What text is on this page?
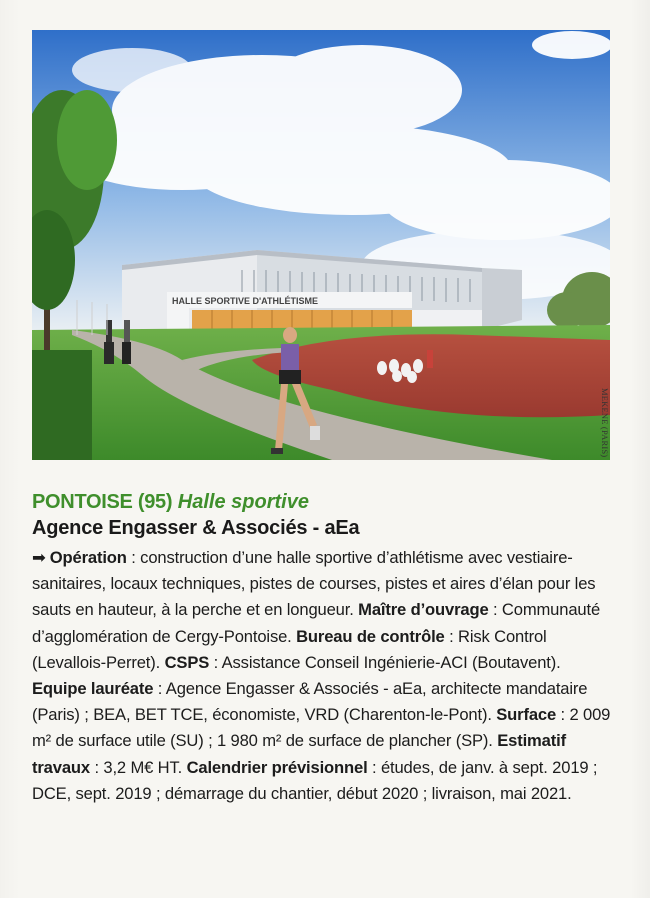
HALLE SPORTIVE D'ATHLÉTISME
MEKENE (PARIS)

PONTOISE (95) Halle sportive

Agence Engasser & Associés - aEa

➡ Opération : construction d’une halle sportive d’athlétisme avec vestiaire-sanitaires, locaux techniques, pistes de courses, pistes et aires d’élan pour les sauts en hauteur, à la perche et en longueur. Maître d’ouvrage : Communauté d’agglomération de Cergy-Pontoise. Bureau de contrôle : Risk Control (Levallois-Perret). CSPS : Assistance Conseil Ingénierie-ACI (Boutavent). Equipe lauréate : Agence Engasser & Associés - aEa, architecte mandataire (Paris) ; BEA, BET TCE, économiste, VRD (Charenton-le-Pont). Surface : 2 009 m² de surface utile (SU) ; 1 980 m² de surface de plancher (SP). Estimatif travaux : 3,2 M€ HT. Calendrier prévisionnel : études, de janv. à sept. 2019 ; DCE, sept. 2019 ; démarrage du chantier, début 2020 ; livraison, mai 2021.
